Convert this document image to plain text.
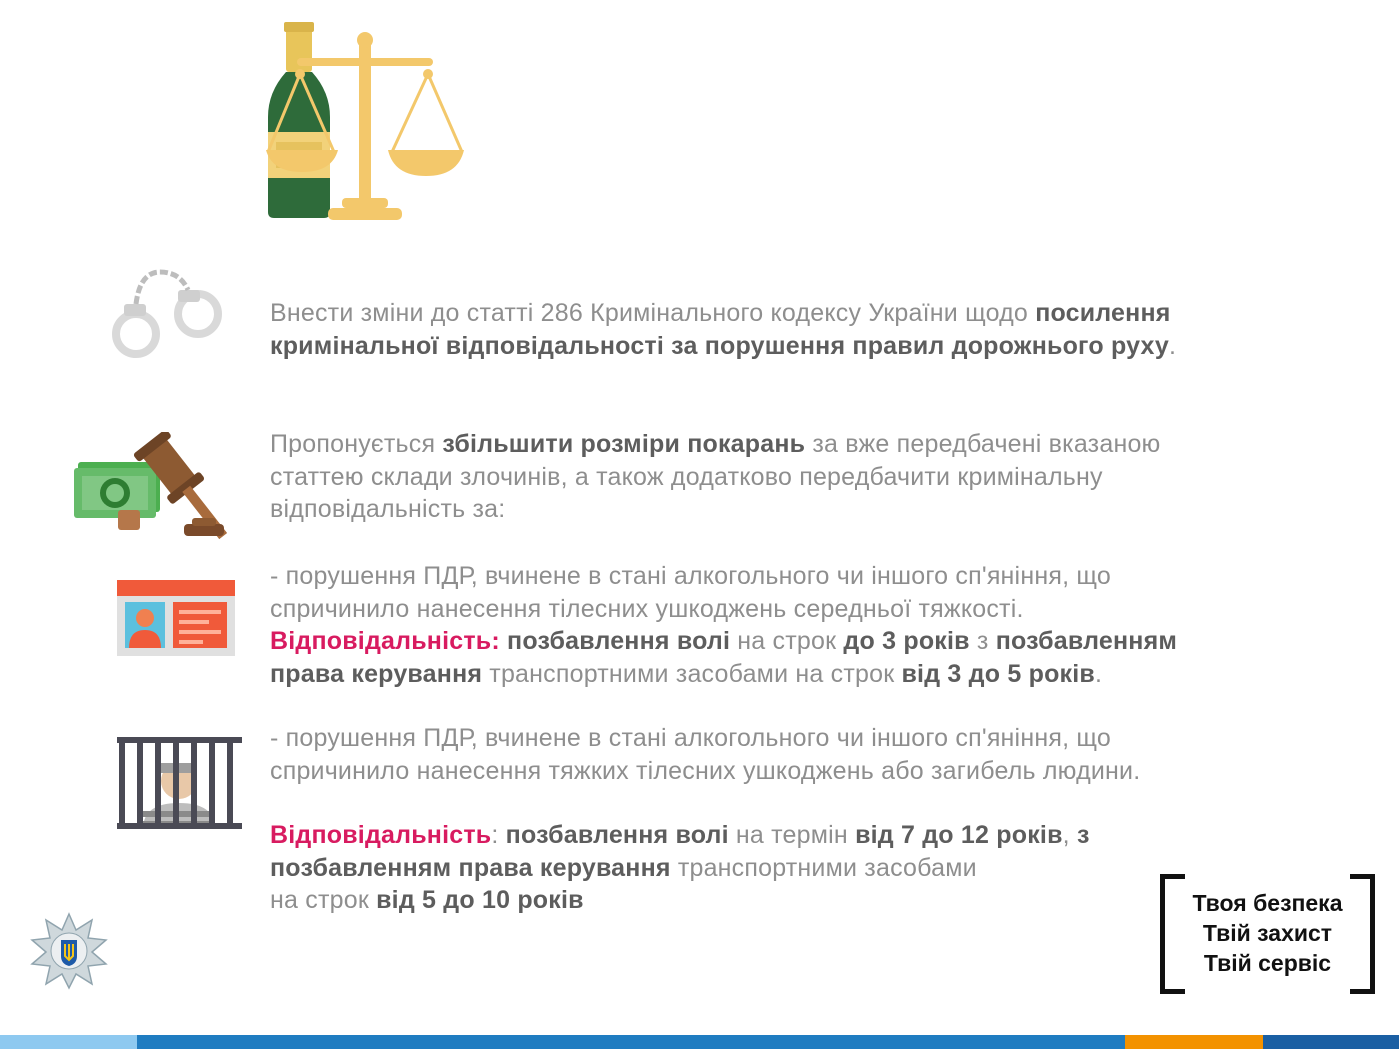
Внести зміни до статті 286 Кримінального кодексу України щодо посилення кримінальної відповідальності за порушення правил дорожнього руху.
Пропонується збільшити розміри покарань за вже передбачені вказаною статтею склади злочинів, а також додатково передбачити кримінальну відповідальність за:
- порушення ПДР, вчинене в стані алкогольного чи іншого сп'яніння, що спричинило нанесення тілесних ушкоджень середньої тяжкості.
Відповідальність: позбавлення волі на строк до 3 років з позбавленням права керування транспортними засобами на строк від 3 до 5 років.
- порушення ПДР, вчинене в стані алкогольного чи іншого сп'яніння, що спричинило нанесення тяжких тілесних ушкоджень або загибель людини.
Відповідальність: позбавлення волі на термін від 7 до 12 років, з позбавленням права керування транспортними засобами
на строк від 5 до 10 років	Твоя безпека
Твій захист
Твій сервіс
